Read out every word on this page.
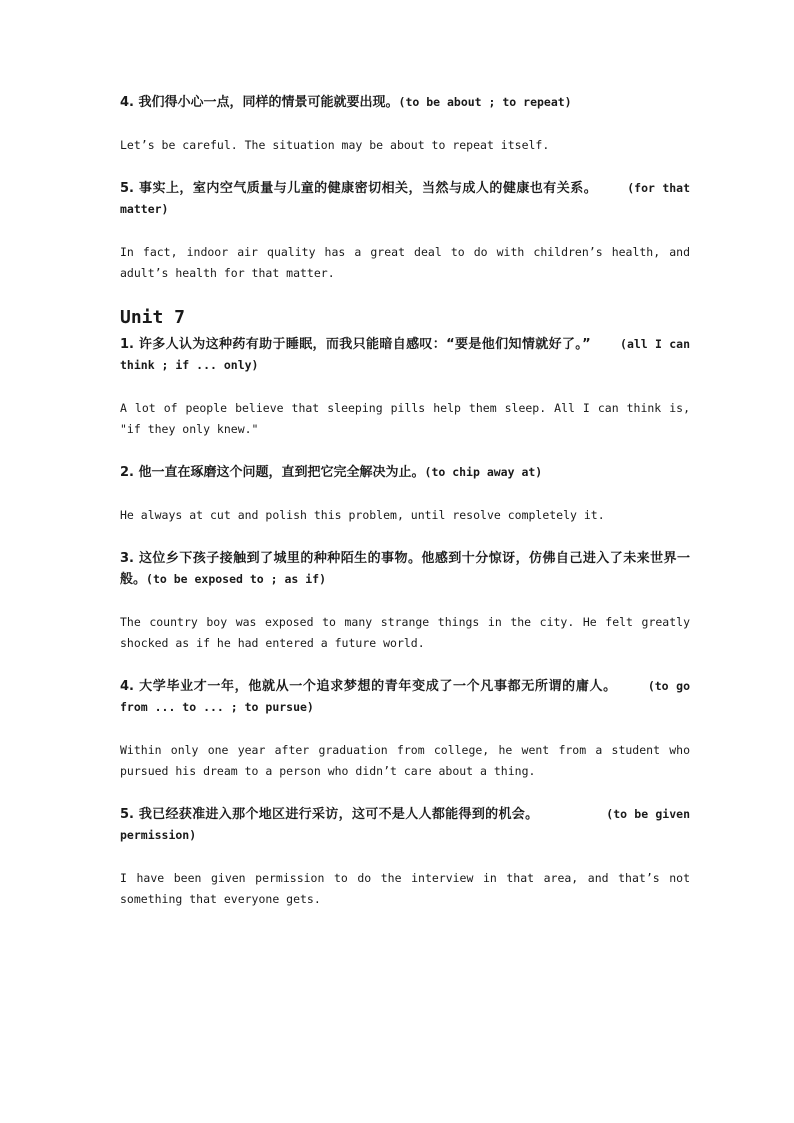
4. 我们得小心一点，同样的情景可能就要出现。(to be about ; to repeat)

Let’s be careful. The situation may be about to repeat itself.

5. 事实上，室内空气质量与儿童的健康密切相关，当然与成人的健康也有关系。	(for that matter)

In fact, indoor air quality has a great deal to do with children’s health, and adult’s health for that matter.

Unit 7

1. 许多人认为这种药有助于睡眠，而我只能暗自感叹：“要是他们知情就好了。”	(all I can think ; if ... only)

A lot of people believe that sleeping pills help them sleep. All I can think is, "if they only knew."

2. 他一直在琢磨这个问题，直到把它完全解决为止。(to chip away at)

He always at cut and polish this problem, until resolve completely it.

3. 这位乡下孩子接触到了城里的种种陌生的事物。他感到十分惊讶，仿佛自己进入了未来世界一般。(to be exposed to ; as if)

The country boy was exposed to many strange things in the city. He felt greatly shocked as if he had entered a future world.

4. 大学毕业才一年，他就从一个追求梦想的青年变成了一个凡事都无所谓的庸人。	(to go from ... to ... ; to pursue)

Within only one year after graduation from college, he went from a student who pursued his dream to a person who didn’t care about a thing.

5. 我已经获准进入那个地区进行采访，这可不是人人都能得到的机会。	(to be given permission)

I have been given permission to do the interview in that area, and that’s not something that everyone gets.
